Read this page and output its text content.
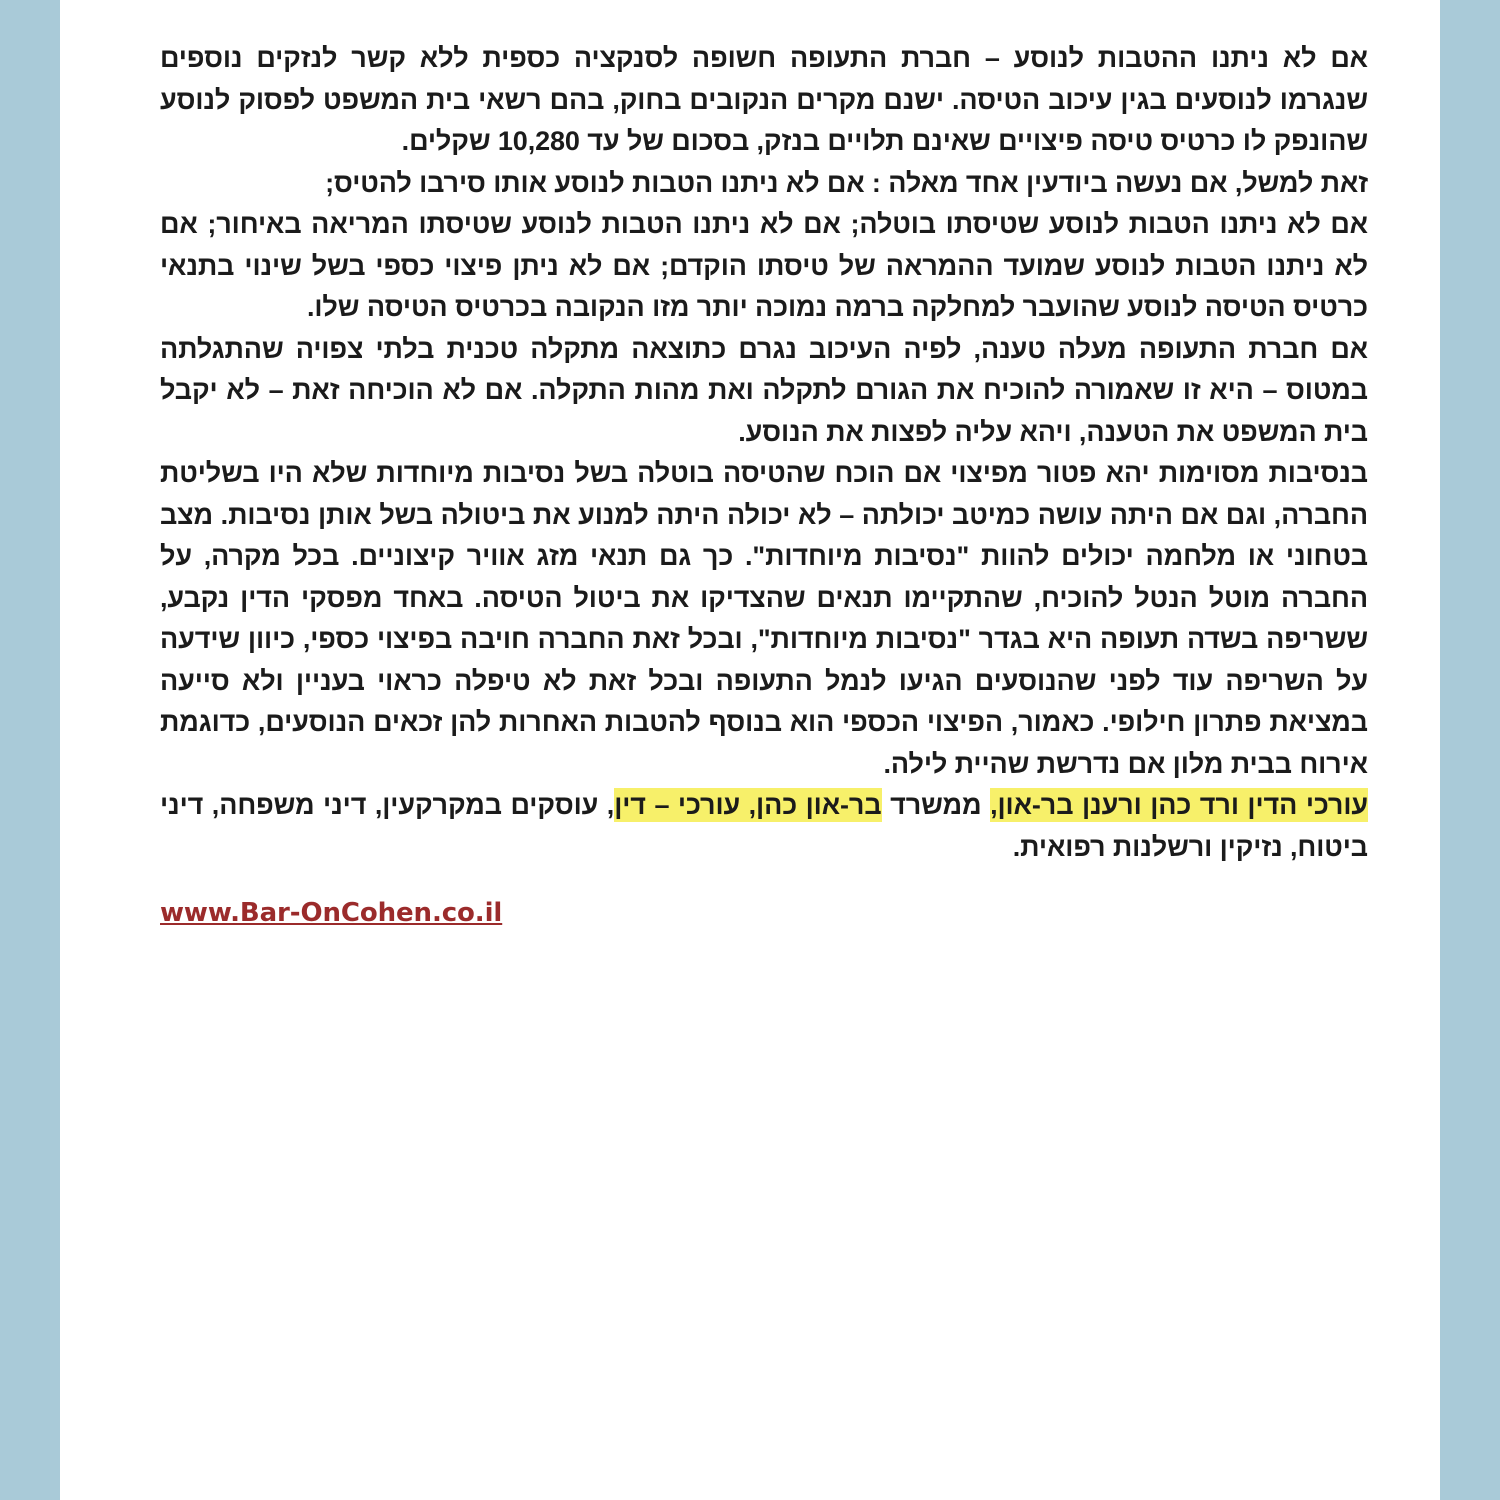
אם לא ניתנו ההטבות לנוסע – חברת התעופה חשופה לסנקציה כספית ללא קשר לנזקים נוספים שנגרמו לנוסעים בגין עיכוב הטיסה. ישנם מקרים הנקובים בחוק, בהם רשאי בית המשפט לפסוק לנוסע שהונפק לו כרטיס טיסה פיצויים שאינם תלויים בנזק, בסכום של עד 10,280 שקלים.

זאת למשל, אם נעשה ביודעין אחד מאלה : אם לא ניתנו הטבות לנוסע אותו סירבו להטיס;

אם לא ניתנו הטבות לנוסע שטיסתו בוטלה; אם לא ניתנו הטבות לנוסע שטיסתו המריאה באיחור; אם לא ניתנו הטבות לנוסע שמועד ההמראה של טיסתו הוקדם; אם לא ניתן פיצוי כספי בשל שינוי בתנאי כרטיס הטיסה לנוסע שהועבר למחלקה ברמה נמוכה יותר מזו הנקובה בכרטיס הטיסה שלו.

אם חברת התעופה מעלה טענה, לפיה העיכוב נגרם כתוצאה מתקלה טכנית בלתי צפויה שהתגלתה במטוס – היא זו שאמורה להוכיח את הגורם לתקלה ואת מהות התקלה. אם לא הוכיחה זאת – לא יקבל בית המשפט את הטענה, ויהא עליה לפצות את הנוסע.

בנסיבות מסוימות יהא פטור מפיצוי אם הוכח שהטיסה בוטלה בשל נסיבות מיוחדות שלא היו בשליטת החברה, וגם אם היתה עושה כמיטב יכולתה – לא יכולה היתה למנוע את ביטולה בשל אותן נסיבות. מצב בטחוני או מלחמה יכולים להוות "נסיבות מיוחדות". כך גם תנאי מזג אוויר קיצוניים. בכל מקרה, על החברה מוטל הנטל להוכיח, שהתקיימו תנאים שהצדיקו את ביטול הטיסה. באחד מפסקי הדין נקבע, ששריפה בשדה תעופה היא בגדר "נסיבות מיוחדות", ובכל זאת החברה חויבה בפיצוי כספי, כיוון שידעה על השריפה עוד לפני שהנוסעים הגיעו לנמל התעופה ובכל זאת לא טיפלה כראוי בעניין ולא סייעה במציאת פתרון חילופי. כאמור, הפיצוי הכספי הוא בנוסף להטבות האחרות להן זכאים הנוסעים, כדוגמת אירוח בבית מלון אם נדרשת שהיית לילה.

עורכי הדין ורד כהן ורענן בר-און, ממשרד בר-און כהן, עורכי – דין, עוסקים במקרקעין, דיני משפחה, דיני ביטוח, נזיקין ורשלנות רפואית.

www.Bar-OnCohen.co.il
